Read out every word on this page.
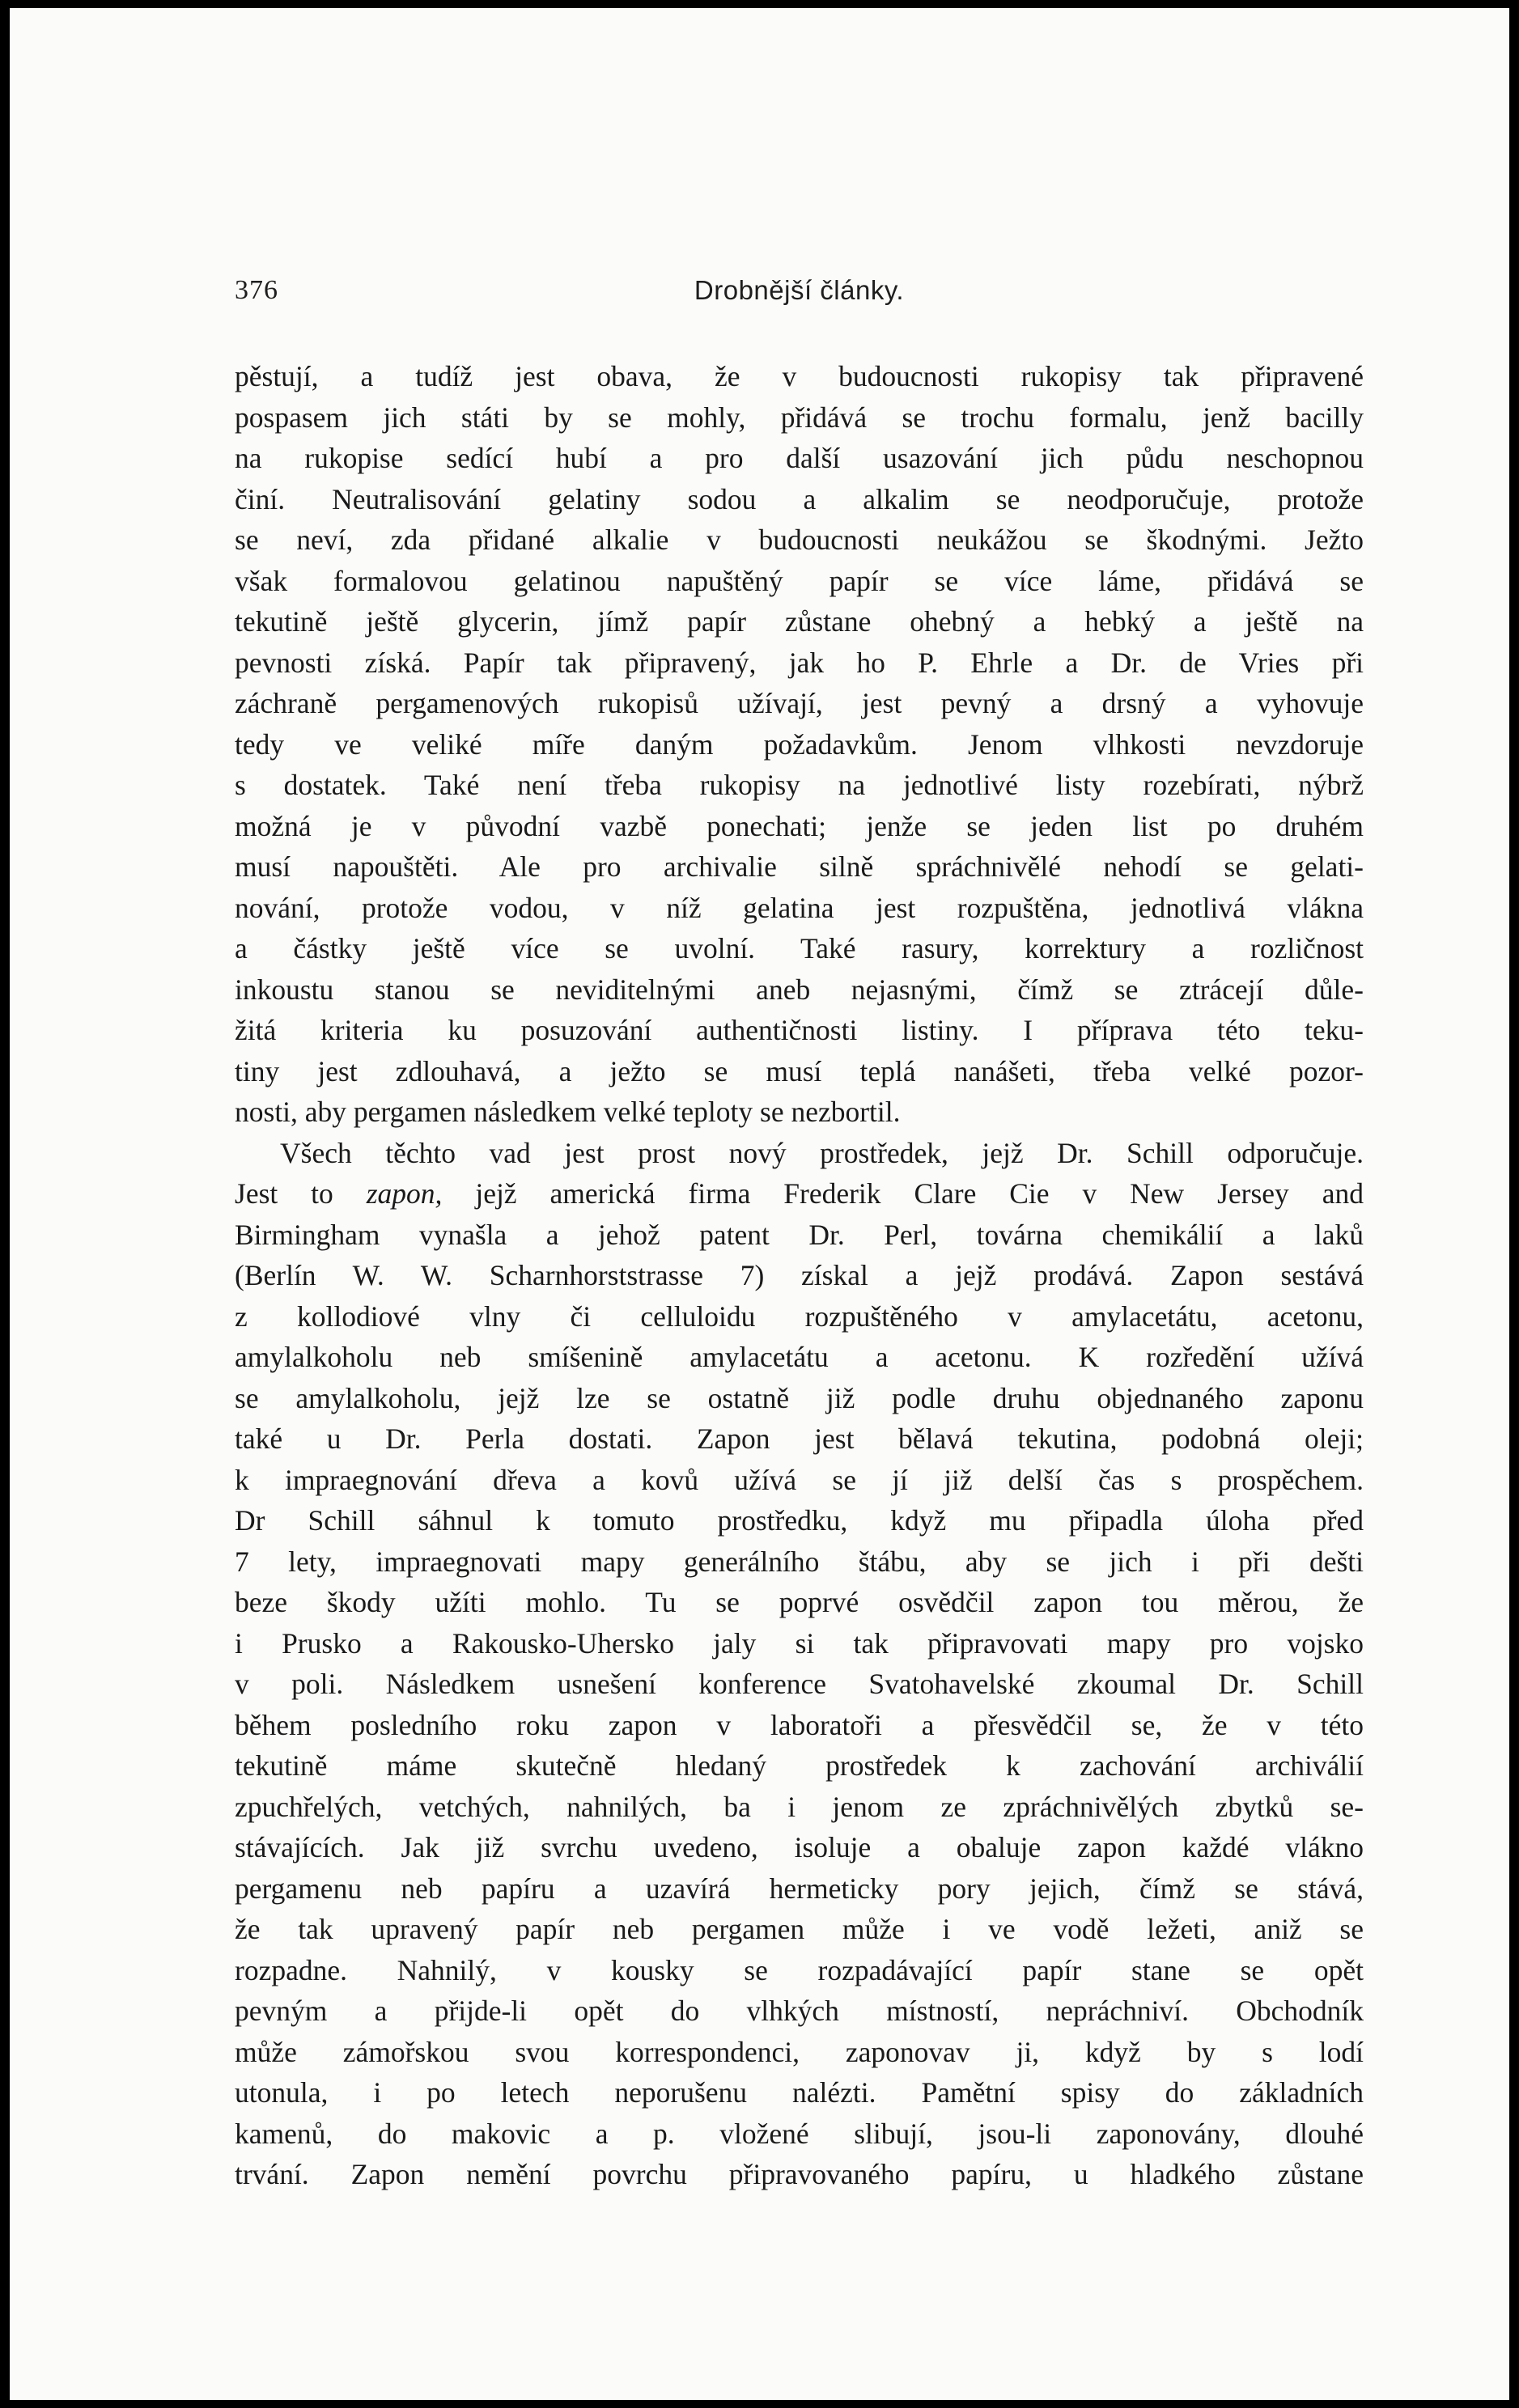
376	Drobnější články.
pěstují, a tudíž jest obava, že v budoucnosti rukopisy tak připravené
pospasem jich státi by se mohly, přidává se trochu formalu, jenž bacilly
na rukopise sedící hubí a pro další usazování jich půdu neschopnou
činí. Neutralisování gelatiny sodou a alkalim se neodporučuje, protože
se neví, zda přidané alkalie v budoucnosti neukážou se škodnými. Ježto
však formalovou gelatinou napuštěný papír se více láme, přidává se
tekutině ještě glycerin, jímž papír zůstane ohebný a hebký a ještě na
pevnosti získá. Papír tak připravený, jak ho P. Ehrle a Dr. de Vries při
záchraně pergamenových rukopisů užívají, jest pevný a drsný a vyhovuje
tedy ve veliké míře daným požadavkům. Jenom vlhkosti nevzdoruje
s dostatek. Také není třeba rukopisy na jednotlivé listy rozebírati, nýbrž
možná je v původní vazbě ponechati; jenže se jeden list po druhém
musí napouštěti. Ale pro archivalie silně spráchnivělé nehodí se gelati-
nování, protože vodou, v níž gelatina jest rozpuštěna, jednotlivá vlákna
a částky ještě více se uvolní. Také rasury, korrektury a rozličnost
inkoustu stanou se neviditelnými aneb nejasnými, čímž se ztrácejí důle-
žitá kriteria ku posuzování authentičnosti listiny. I příprava této teku-
tiny jest zdlouhavá, a ježto se musí teplá nanášeti, třeba velké pozor-
nosti, aby pergamen následkem velké teploty se nezbortil.
Všech těchto vad jest prost nový prostředek, jejž Dr. Schill odporučuje.
Jest to zapon, jejž americká firma Frederik Clare Cie v New Jersey and
Birmingham vynašla a jehož patent Dr. Perl, továrna chemikálií a laků
(Berlín W. W. Scharnhorststrasse 7) získal a jejž prodává. Zapon sestává
z kollodiové vlny či celluloidu rozpuštěného v amylacetátu, acetonu,
amylalkoholu neb smíšenině amylacetátu a acetonu. K rozředění užívá
se amylalkoholu, jejž lze se ostatně již podle druhu objednaného zaponu
také u Dr. Perla dostati. Zapon jest bělavá tekutina, podobná oleji;
k impraegnování dřeva a kovů užívá se jí již delší čas s prospěchem.
Dr Schill sáhnul k tomuto prostředku, když mu připadla úloha před
7 lety, impraegnovati mapy generálního štábu, aby se jich i při dešti
beze škody užíti mohlo. Tu se poprvé osvědčil zapon tou měrou, že
i Prusko a Rakousko-Uhersko jaly si tak připravovati mapy pro vojsko
v poli. Následkem usnešení konference Svatohavelské zkoumal Dr. Schill
během posledního roku zapon v laboratoři a přesvědčil se, že v této
tekutině máme skutečně hledaný prostředek k zachování archiválií
zpuchřelých, vetchých, nahnilých, ba i jenom ze zpráchnivělých zbytků se-
stávajících. Jak již svrchu uvedeno, isoluje a obaluje zapon každé vlákno
pergamenu neb papíru a uzavírá hermeticky pory jejich, čímž se stává,
že tak upravený papír neb pergamen může i ve vodě ležeti, aniž se
rozpadne. Nahnilý, v kousky se rozpadávající papír stane se opět
pevným a přijde-li opět do vlhkých místností, nepráchniví. Obchodník
může zámořskou svou korrespondenci, zaponovav ji, když by s lodí
utonula, i po letech neporušenu nalézti. Pamětní spisy do základních
kamenů, do makovic a p. vložené slibují, jsou-li zaponovány, dlouhé
trvání. Zapon nemění povrchu připravovaného papíru, u hladkého zůstane
